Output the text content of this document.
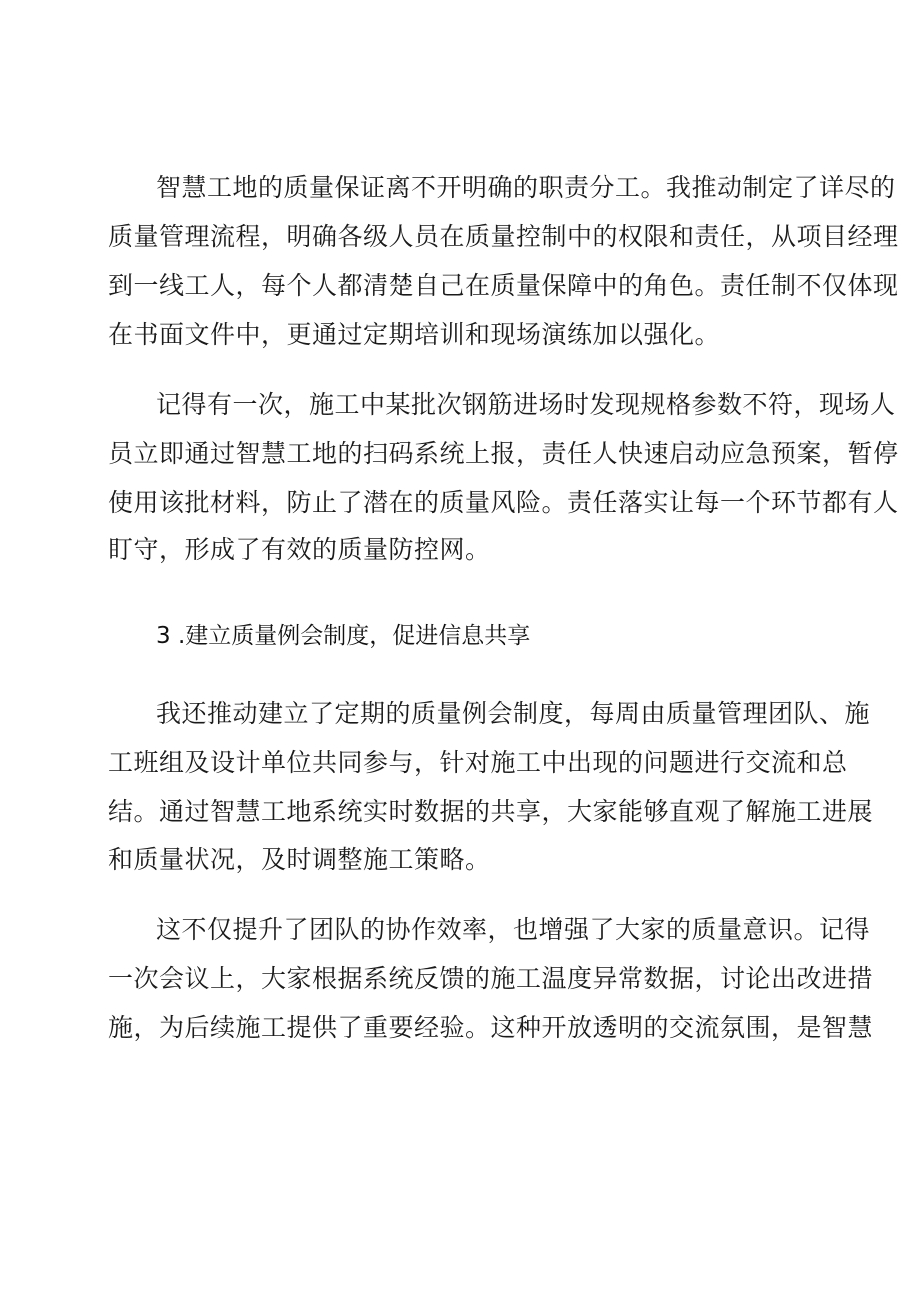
智慧工地的质量保证离不开明确的职责分工。我推动制定了详尽的
质量管理流程，明确各级人员在质量控制中的权限和责任，从项目经理
到一线工人，每个人都清楚自己在质量保障中的角色。责任制不仅体现
在书面文件中，更通过定期培训和现场演练加以强化。
记得有一次，施工中某批次钢筋进场时发现规格参数不符，现场人
员立即通过智慧工地的扫码系统上报，责任人快速启动应急预案，暂停
使用该批材料，防止了潜在的质量风险。责任落实让每一个环节都有人
盯守，形成了有效的质量防控网。
3 .建立质量例会制度，促进信息共享
我还推动建立了定期的质量例会制度，每周由质量管理团队、施
工班组及设计单位共同参与，针对施工中出现的问题进行交流和总
结。通过智慧工地系统实时数据的共享，大家能够直观了解施工进展
和质量状况，及时调整施工策略。
这不仅提升了团队的协作效率，也增强了大家的质量意识。记得
一次会议上，大家根据系统反馈的施工温度异常数据，讨论出改进措
施，为后续施工提供了重要经验。这种开放透明的交流氛围，是智慧
